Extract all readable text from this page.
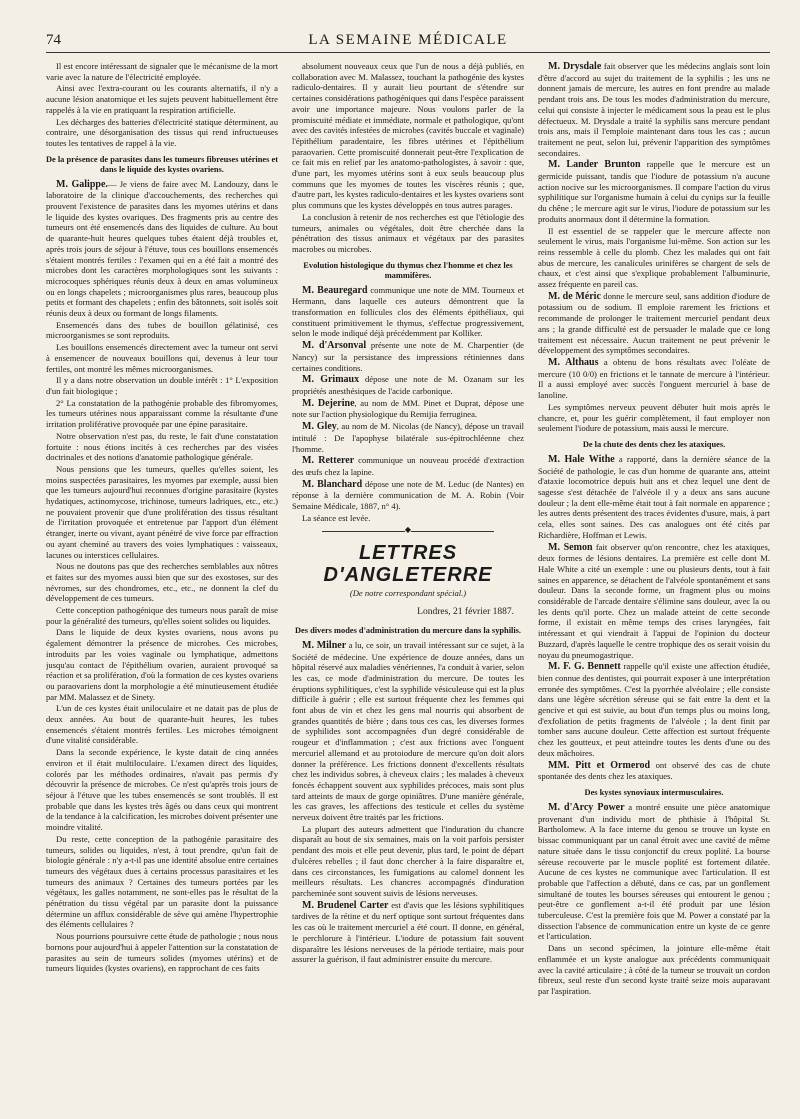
74	LA SEMAINE MÉDICALE

Il est encore intéressant de signaler que le mécanisme de la mort varie avec la nature de l'électricité employée.

Ainsi avec l'extra-courant ou les courants alternatifs, il n'y a aucune lésion anatomique et les sujets peuvent habituellement être rappelés à la vie en pratiquant la respiration artificielle.

Les décharges des batteries d'électricité statique déterminent, au contraire, une désorganisation des tissus qui rend infructueuses toutes les tentatives de rappel à la vie.

De la présence de parasites dans les tumeurs fibreuses utérines et dans le liquide des kystes ovariens.

M. Galippe.— Je viens de faire avec M. Landouzy, dans le laboratoire de la clinique d'accouchements, des recherches qui prouvent l'existence de parasites dans les myomes utérins et dans le liquide des kystes ovariques. Des fragments pris au centre des tumeurs ont été ensemencés dans des liquides de culture. Au bout de quarante-huit heures quelques tubes étaient déjà troubles et, après trois jours de séjour à l'étuve, tous ces bouillons ensemencés s'étaient montrés fertiles : l'examen qui en a été fait a montré des microbes dont les caractères morphologiques sont les suivants : microcoques sphériques réunis deux à deux en amas volumineux ou en longs chapelets ; microorganismes plus rares, beaucoup plus petits et formant des chapelets ; enfin des bâtonnets, soit isolés soit réunis deux à deux ou formant de longs filaments.

Ensemencés dans des tubes de bouillon gélatinisé, ces microorganismes se sont reproduits.

Les bouillons ensemencés directement avec la tumeur ont servi à ensemencer de nouveaux bouillons qui, devenus à leur tour fertiles, ont montré les mêmes microorganismes.

Il y a dans notre observation un double intérêt : 1° L'exposition d'un fait biologique ;

2° La constatation de la pathogénie probable des fibromyomes, les tumeurs utérines nous apparaissant comme la résultante d'une irritation proliférative provoquée par une épine parasitaire.

Notre observation n'est pas, du reste, le fait d'une constatation fortuite : nous étions incités à ces recherches par des visées doctrinales et des notions d'anatomie pathologique générale.

Nous pensions que les tumeurs, quelles qu'elles soient, les moins suspectées parasitaires, les myomes par exemple, aussi bien que les tumeurs aujourd'hui reconnues d'origine parasitaire (kystes hydatiques, actinomycose, trichinose, tumeurs ladriques, etc., etc.) ne pouvaient provenir que d'une prolifération des tissus résultant de l'irritation provoquée et entretenue par l'apport d'un élément étranger, inerte ou vivant, ayant pénétré de vive force par effraction ou ayant cheminé au travers des voies lymphatiques : vaisseaux, lacunes ou interstices cellulaires.

Nous ne doutons pas que des recherches semblables aux nôtres et faites sur des myomes aussi bien que sur des exostoses, sur des névromes, sur des chondromes, etc., etc., ne donnent la clef du développement de ces tumeurs.

Cette conception pathogénique des tumeurs nous paraît de mise pour la généralité des tumeurs, qu'elles soient solides ou liquides.

Dans le liquide de deux kystes ovariens, nous avons pu également démontrer la présence de microbes. Ces microbes, introduits par les voies vaginale ou lymphatique, admettons jusqu'au contact de l'épithélium ovarien, auraient provoqué sa réaction et sa prolifération, d'où la formation de ces kystes ovariens ou paraovariens dont la morphologie a été minutieusement étudiée par MM. Malassez et de Sinety.

L'un de ces kystes était uniloculaire et ne datait pas de plus de deux années. Au bout de quarante-huit heures, les tubes ensemencés s'étaient montrés fertiles. Les microbes témoignent d'une vitalité considérable.

Dans la seconde expérience, le kyste datait de cinq années environ et il était multiloculaire. L'examen direct des liquides, colorés par les méthodes ordinaires, n'avait pas permis d'y découvrir la présence de microbes. Ce n'est qu'après trois jours de séjour à l'étuve que les tubes ensemencés se sont troublés. Il est probable que dans les kystes très âgés ou dans ceux qui montrent de la tendance à la calcification, les microbes doivent présenter une moindre vitalité.

Du reste, cette conception de la pathogénie parasitaire des tumeurs, solides ou liquides, n'est, à tout prendre, qu'un fait de biologie générale : n'y a-t-il pas une identité absolue entre certaines tumeurs des végétaux dues à certains processus parasitaires et les tumeurs des animaux ? Certaines des tumeurs portées par les végétaux, les galles notamment, ne sont-elles pas le résultat de la pénétration du tissu végétal par un parasite dont la puissance détermine un afflux considérable de sève qui amène l'hypertrophie des éléments cellulaires ?

Nous pourrions poursuivre cette étude de pathologie ; nous nous bornons pour aujourd'hui à appeler l'attention sur la constatation de parasites au sein de tumeurs solides (myomes utérins) et de tumeurs liquides (kystes ovariens), en rapprochant de ces faits

absolument nouveaux ceux que l'un de nous a déjà publiés, en collaboration avec M. Malassez, touchant la pathogénie des kystes radiculo-dentaires. Il y aurait lieu pourtant de s'étendre sur certaines considérations pathogéniques qui dans l'espèce paraissent avoir une importance majeure. Nous voulons parler de la promiscuité médiate et immédiate, normale et pathologique, qu'ont avec des cavités infestées de microbes (cavités buccale et vaginale) l'épithélium paradentaire, les fibres utérines et l'épithélium paraovarien. Cette promiscuité donnerait peut-être l'explication de ce fait mis en relief par les anatomo-pathologistes, à savoir : que, d'une part, les myomes utérins sont à eux seuls beaucoup plus communs que les myomes de toutes les viscères réunis ; que, d'autre part, les kystes radiculo-dentaires et les kystes ovariens sont plus communs que les kystes développés en tous autres parages.

La conclusion à retenir de nos recherches est que l'étiologie des tumeurs, animales ou végétales, doit être cherchée dans la pénétration des tissus animaux et végétaux par des parasites macrobes ou microbes.

Evolution histologique du thymus chez l'homme et chez les mammifères.

M. Beauregard communique une note de MM. Tourneux et Hermann, dans laquelle ces auteurs démontrent que la transformation en follicules clos des éléments épithéliaux, qui constituent primitivement le thymus, s'effectue progressivement, selon le mode indiqué déjà précédemment par Kolliker.

M. d'Arsonval présente une note de M. Charpentier (de Nancy) sur la persistance des impressions rétiniennes dans certaines conditions.

M. Grimaux dépose une note de M. Ozanam sur les propriétés anesthésiques de l'acide carbonique.

M. Dejerine, au nom de MM. Pinet et Duprat, dépose une note sur l'action physiologique du Remijia ferruginea.

M. Gley, au nom de M. Nicolas (de Nancy), dépose un travail intitulé : De l'apophyse bilatérale sus-épitrochléenne chez l'homme.

M. Retterer communique un nouveau procédé d'extraction des œufs chez la lapine.

M. Blanchard dépose une note de M. Leduc (de Nantes) en réponse à la dernière communication de M. A. Robin (Voir Semaine Médicale, 1887, n° 4).

La séance est levée.

◆
LETTRES D'ANGLETERRE
(De notre correspondant spécial.)
Londres, 21 février 1887.
Des divers modes d'administration du mercure dans la syphilis.

M. Milner a lu, ce soir, un travail intéressant sur ce sujet, à la Société de médecine. Une expérience de douze années, dans un hôpital réservé aux maladies vénériennes, l'a conduit à varier, selon les cas, ce mode d'administration du mercure. De toutes les éruptions syphilitiques, c'est la syphilide vésiculeuse qui est la plus difficile à guérir ; elle est surtout fréquente chez les femmes qui font abus de vin et chez les gens mal nourris qui absorbent de grandes quantités de bière ; dans tous ces cas, les diverses formes de syphilides sont accompagnées d'un degré considérable de rougeur et d'inflammation ; c'est aux frictions avec l'onguent mercuriel allemand et au protoiodure de mercure qu'on doit alors donner la préférence. Les frictions donnent d'excellents résultats chez les individus sobres, à cheveux clairs ; les malades à cheveux foncés échappent souvent aux syphilides précoces, mais sont plus tard atteints de maux de gorge opiniâtres. D'une manière générale, les cas graves, les affections des testicule et celles du système nerveux doivent être traités par les frictions.

La plupart des auteurs admettent que l'induration du chancre disparaît au bout de six semaines, mais on la voit parfois persister pendant des mois et elle peut devenir, plus tard, le point de départ d'ulcères rebelles ; il faut donc chercher à la faire disparaître et, dans ces circonstances, les fumigations au calomel donnent les meilleurs résultats. Les chancres accompagnés d'induration parcheminée sont souvent suivis de lésions nerveuses.

M. Brudenel Carter est d'avis que les lésions syphilitiques tardives de la rétine et du nerf optique sont surtout fréquentes dans les cas où le traitement mercuriel a été court. Il donne, en général, le perchlorure à l'intérieur. L'iodure de potassium fait souvent disparaître les lésions nerveuses de la période tertiaire, mais pour assurer la guérison, il faut administrer ensuite du mercure.

M. Drysdale fait observer que les médecins anglais sont loin d'être d'accord au sujet du traitement de la syphilis ; les uns ne donnent jamais de mercure, les autres en font prendre au malade pendant trois ans. De tous les modes d'administration du mercure, celui qui consiste à injecter le médicament sous la peau est le plus défectueux. M. Drysdale a traité la syphilis sans mercure pendant trois ans, mais il l'emploie maintenant dans tous les cas ; aucun traitement ne peut, selon lui, prévenir l'apparition des symptômes secondaires.

M. Lander Brunton rappelle que le mercure est un germicide puissant, tandis que l'iodure de potassium n'a aucune action nocive sur les microorganismes. Il compare l'action du virus syphilitique sur l'organisme humain à celui du cynips sur la feuille du chêne ; le mercure agit sur le virus, l'iodure de potassium sur les produits anormaux dont il détermine la formation.

Il est essentiel de se rappeler que le mercure affecte non seulement le virus, mais l'organisme lui-même. Son action sur les reins ressemble à celle du plomb. Chez les malades qui ont fait abus de mercure, les canalicules urinifères se chargent de sels de chaux, et c'est ainsi que s'explique probablement l'albuminurie, assez fréquente en pareil cas.

M. de Méric donne le mercure seul, sans addition d'iodure de potassium ou de sodium. Il emploie rarement les frictions et recommande de prolonger le traitement mercuriel pendant deux ans ; la grande difficulté est de persuader le malade que ce long traitement est nécessaire. Aucun traitement ne peut prévenir le développement des symptômes secondaires.

M. Althaus a obtenu de bons résultats avec l'oléate de mercure (10 0/0) en frictions et le tannate de mercure à l'intérieur. Il a aussi employé avec succès l'onguent mercuriel à base de lanoline.

Les symptômes nerveux peuvent débuter huit mois après le chancre, et, pour les guérir complètement, il faut employer non seulement l'iodure de potassium, mais aussi le mercure.

De la chute des dents chez les ataxiques.

M. Hale Withe a rapporté, dans la dernière séance de la Société de pathologie, le cas d'un homme de quarante ans, atteint d'ataxie locomotrice depuis huit ans et chez lequel une dent de sagesse s'est détachée de l'alvéole il y a deux ans sans aucune douleur ; la dent elle-même était tout à fait normale en apparence ; les autres dents présentent des traces évidentes d'usure, mais, à part cela, elles sont saines. Des cas analogues ont été cités par Richardière, Hoffman et Lewis.

M. Semon fait observer qu'on rencontre, chez les ataxiques, deux formes de lésions dentaires. La première est celle dont M. Hale White a cité un exemple : une ou plusieurs dents, tout à fait saines en apparence, se détachent de l'alvéole spontanément et sans douleur. Dans la seconde forme, un fragment plus ou moins considérable de l'arcade dentaire s'élimine sans douleur, avec la ou les dents qu'il porte. Chez un malade atteint de cette seconde forme, il existait en même temps des crises laryngées, fait intéressant et qui viendrait à l'appui de l'opinion du docteur Buzzard, d'après laquelle le centre trophique des os serait voisin du noyau du pneumogastrique.

M. F. G. Bennett rappelle qu'il existe une affection étudiée, bien connue des dentistes, qui pourrait exposer à une interprétation erronée des symptômes. C'est la pyorrhée alvéolaire ; elle consiste dans une légère sécrétion séreuse qui se fait entre la dent et la gencive et qui est suivie, au bout d'un temps plus ou moins long, d'exfoliation de petits fragments de l'alvéole ; la dent finit par tomber sans aucune douleur. Cette affection est surtout fréquente chez les goutteux, et peut atteindre toutes les dents d'une ou des deux mâchoires.

MM. Pitt et Ormerod ont observé des cas de chute spontanée des dents chez les ataxiques.

Des kystes synoviaux intermusculaires.

M. d'Arcy Power a montré ensuite une pièce anatomique provenant d'un individu mort de phthisie à l'hôpital St. Bartholomew. A la face interne du genou se trouve un kyste en bissac communiquant par un canal étroit avec une cavité de même nature située dans le tissu conjonctif du creux poplité. La bourse séreuse recouverte par le muscle poplité est fortement dilatée. Aucune de ces kystes ne communique avec l'articulation. Il est probable que l'affection a débuté, dans ce cas, par un gonflement simultané de toutes les bourses séreuses qui entourent le genou ; peut-être ce gonflement a-t-il été produit par une lésion tuberculeuse. C'est la première fois que M. Power a constaté par la dissection l'absence de communication entre un kyste de ce genre et l'articulation.

Dans un second spécimen, la jointure elle-même était enflammée et un kyste analogue aux précédents communiquait avec la cavité articulaire ; à côté de la tumeur se trouvait un cordon fibreux, seul reste d'un second kyste traité seize mois auparavant par l'aspiration.
